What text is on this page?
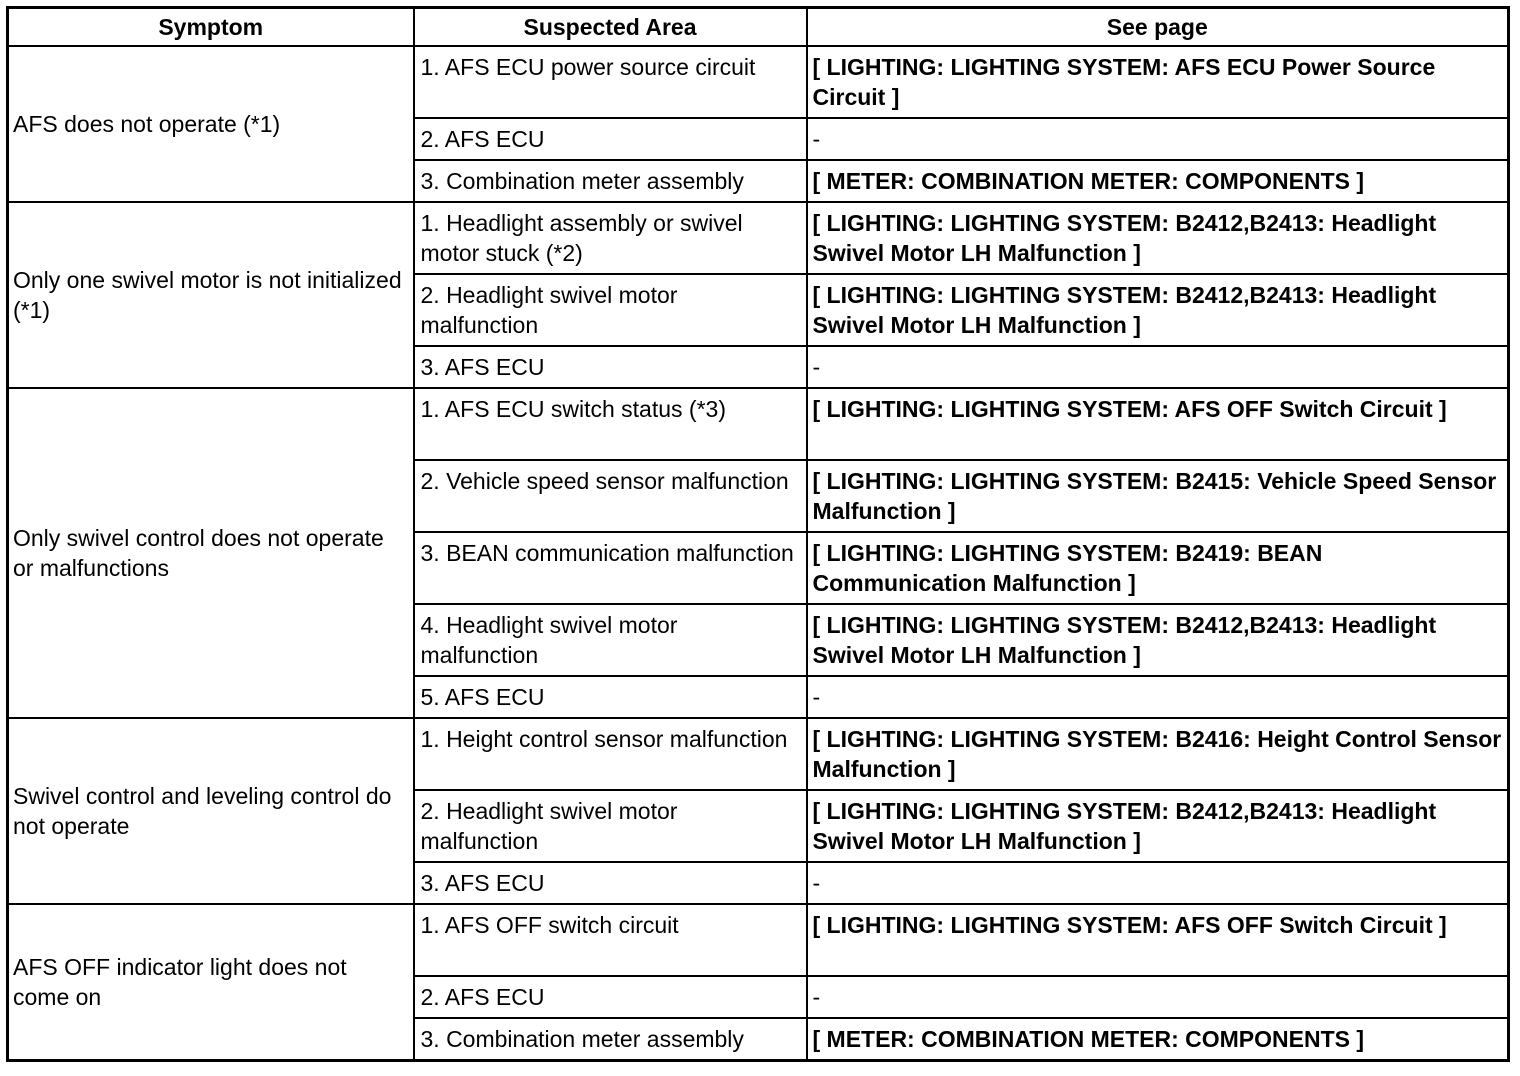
Symptom	Suspected Area	See page
AFS does not operate (*1)	1. AFS ECU power source circuit	[ LIGHTING: LIGHTING SYSTEM: AFS ECU Power Source Circuit ]
	2. AFS ECU	-
	3. Combination meter assembly	[ METER: COMBINATION METER: COMPONENTS ]
Only one swivel motor is not initialized (*1)	1. Headlight assembly or swivel motor stuck (*2)	[ LIGHTING: LIGHTING SYSTEM: B2412,B2413: Headlight Swivel Motor LH Malfunction ]
	2. Headlight swivel motor malfunction	[ LIGHTING: LIGHTING SYSTEM: B2412,B2413: Headlight Swivel Motor LH Malfunction ]
	3. AFS ECU	-
Only swivel control does not operate or malfunctions	1. AFS ECU switch status (*3)	[ LIGHTING: LIGHTING SYSTEM: AFS OFF Switch Circuit ]
	2. Vehicle speed sensor malfunction	[ LIGHTING: LIGHTING SYSTEM: B2415: Vehicle Speed Sensor Malfunction ]
	3. BEAN communication malfunction	[ LIGHTING: LIGHTING SYSTEM: B2419: BEAN Communication Malfunction ]
	4. Headlight swivel motor malfunction	[ LIGHTING: LIGHTING SYSTEM: B2412,B2413: Headlight Swivel Motor LH Malfunction ]
	5. AFS ECU	-
Swivel control and leveling control do not operate	1. Height control sensor malfunction	[ LIGHTING: LIGHTING SYSTEM: B2416: Height Control Sensor Malfunction ]
	2. Headlight swivel motor malfunction	[ LIGHTING: LIGHTING SYSTEM: B2412,B2413: Headlight Swivel Motor LH Malfunction ]
	3. AFS ECU	-
AFS OFF indicator light does not come on	1. AFS OFF switch circuit	[ LIGHTING: LIGHTING SYSTEM: AFS OFF Switch Circuit ]
	2. AFS ECU	-
	3. Combination meter assembly	[ METER: COMBINATION METER: COMPONENTS ]
